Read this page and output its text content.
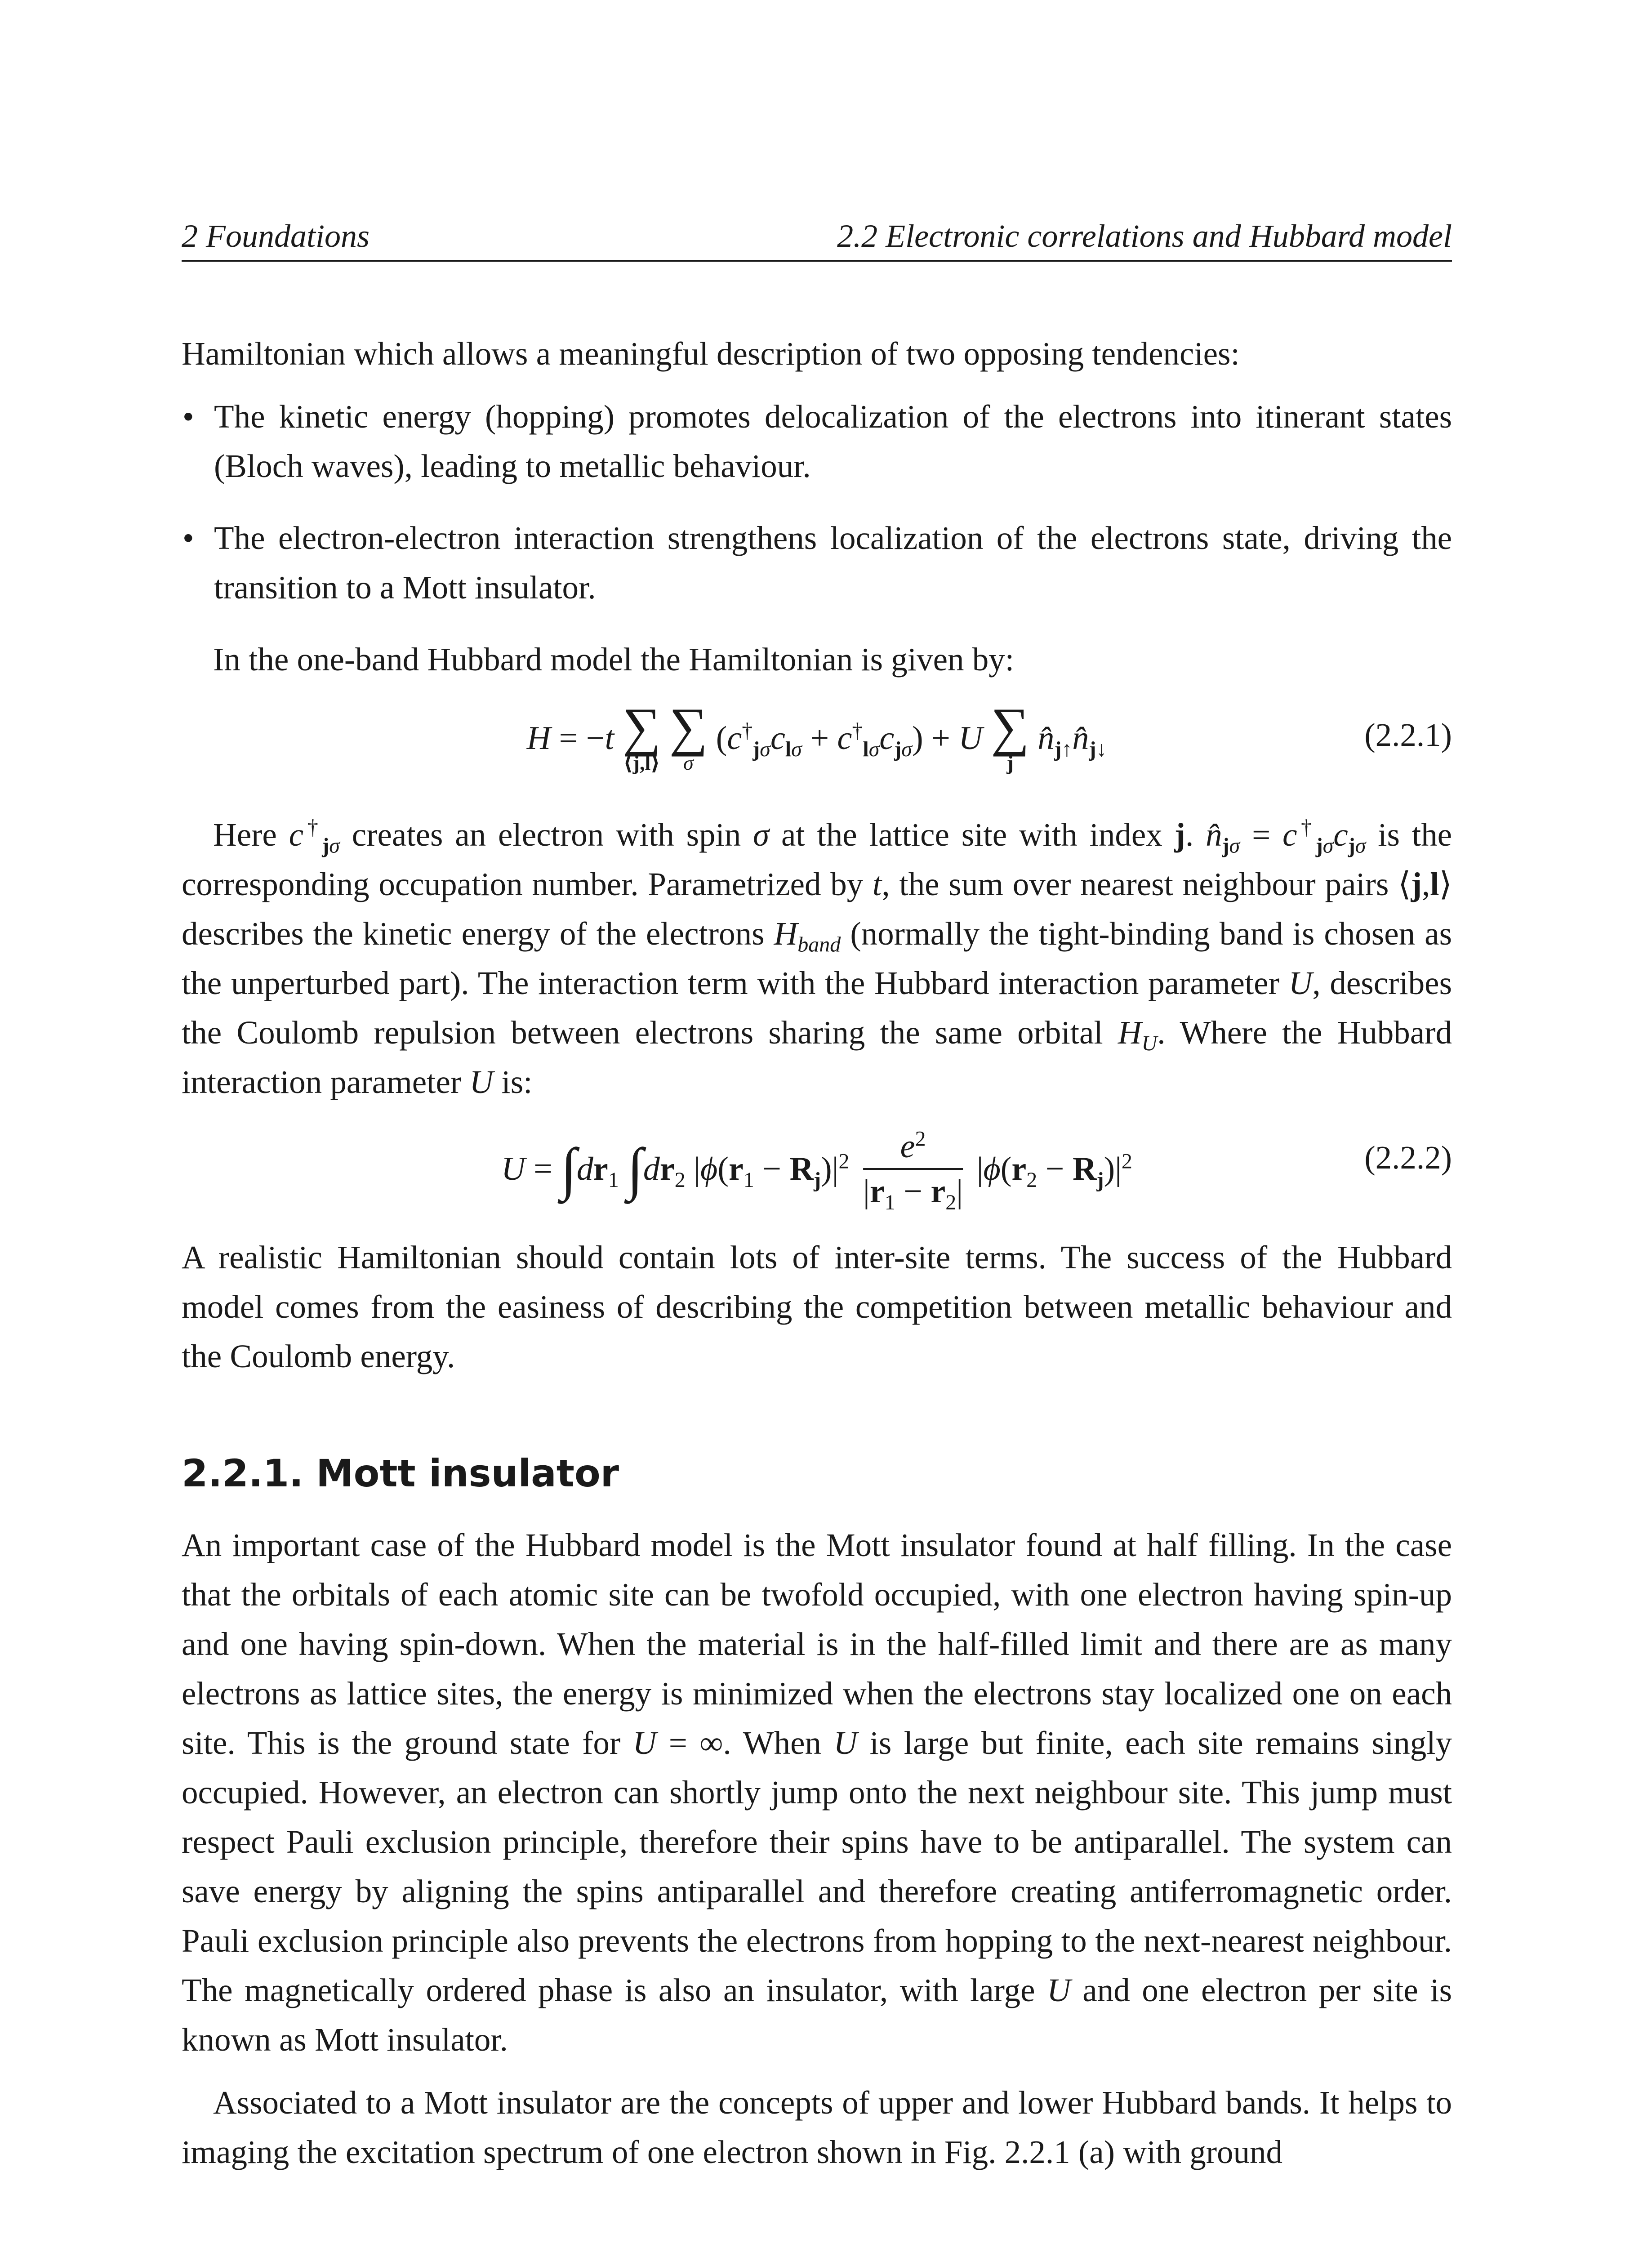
2 Foundations	2.2 Electronic correlations and Hubbard model

Hamiltonian which allows a meaningful description of two opposing tendencies:

• The kinetic energy (hopping) promotes delocalization of the electrons into itinerant states (Bloch waves), leading to metallic behaviour.
• The electron-electron interaction strengthens localization of the electrons state, driving the transition to a Mott insulator.

In the one-band Hubbard model the Hamiltonian is given by:

H = −t ∑
⟨j,l⟩

∑
σ
$(c^\dagger_{j\sigma}c_{l\sigma} + c^\dagger_{l\sigma}c_{j\sigma}) + U$ ∑
j
$n̂_{j↑}n̂_{j↓}$	(2.2.1)

Here $c^\dagger_{j\sigma}$ creates an electron with spin σ at the lattice site with index j. $n̂_{j\sigma} = c^\dagger_{j\sigma}c_{j\sigma}$ is the corresponding occupation number. Parametrized by t, the sum over nearest neighbour pairs ⟨j,l⟩ describes the kinetic energy of the electrons $H_{band}$ (normally the tight-binding band is chosen as the unperturbed part). The interaction term with the Hubbard interaction parameter U, describes the Coulomb repulsion between electrons sharing the same orbital $H_U$. Where the Hubbard interaction parameter U is:

$U = \int dr_1$ $\int dr_2$ $|\phi(r_1 - R_j)|^2 \frac{e^2}{|r_1 - r_2|} |\phi(r_2 - R_j)|^2$	(2.2.2)

A realistic Hamiltonian should contain lots of inter-site terms. The success of the Hubbard model comes from the easiness of describing the competition between metallic behaviour and the Coulomb energy.

2.2.1. Mott insulator

An important case of the Hubbard model is the Mott insulator found at half filling. In the case that the orbitals of each atomic site can be twofold occupied, with one electron having spin-up and one having spin-down. When the material is in the half-filled limit and there are as many electrons as lattice sites, the energy is minimized when the electrons stay localized one on each site. This is the ground state for U = ∞. When U is large but finite, each site remains singly occupied. However, an electron can shortly jump onto the next neighbour site. This jump must respect Pauli exclusion principle, therefore their spins have to be antiparallel. The system can save energy by aligning the spins antiparallel and therefore creating antiferromagnetic order. Pauli exclusion principle also prevents the electrons from hopping to the next-nearest neighbour. The magnetically ordered phase is also an insulator, with large U and one electron per site is known as Mott insulator.

Associated to a Mott insulator are the concepts of upper and lower Hubbard bands. It helps to imaging the excitation spectrum of one electron shown in Fig. 2.2.1 (a) with ground
